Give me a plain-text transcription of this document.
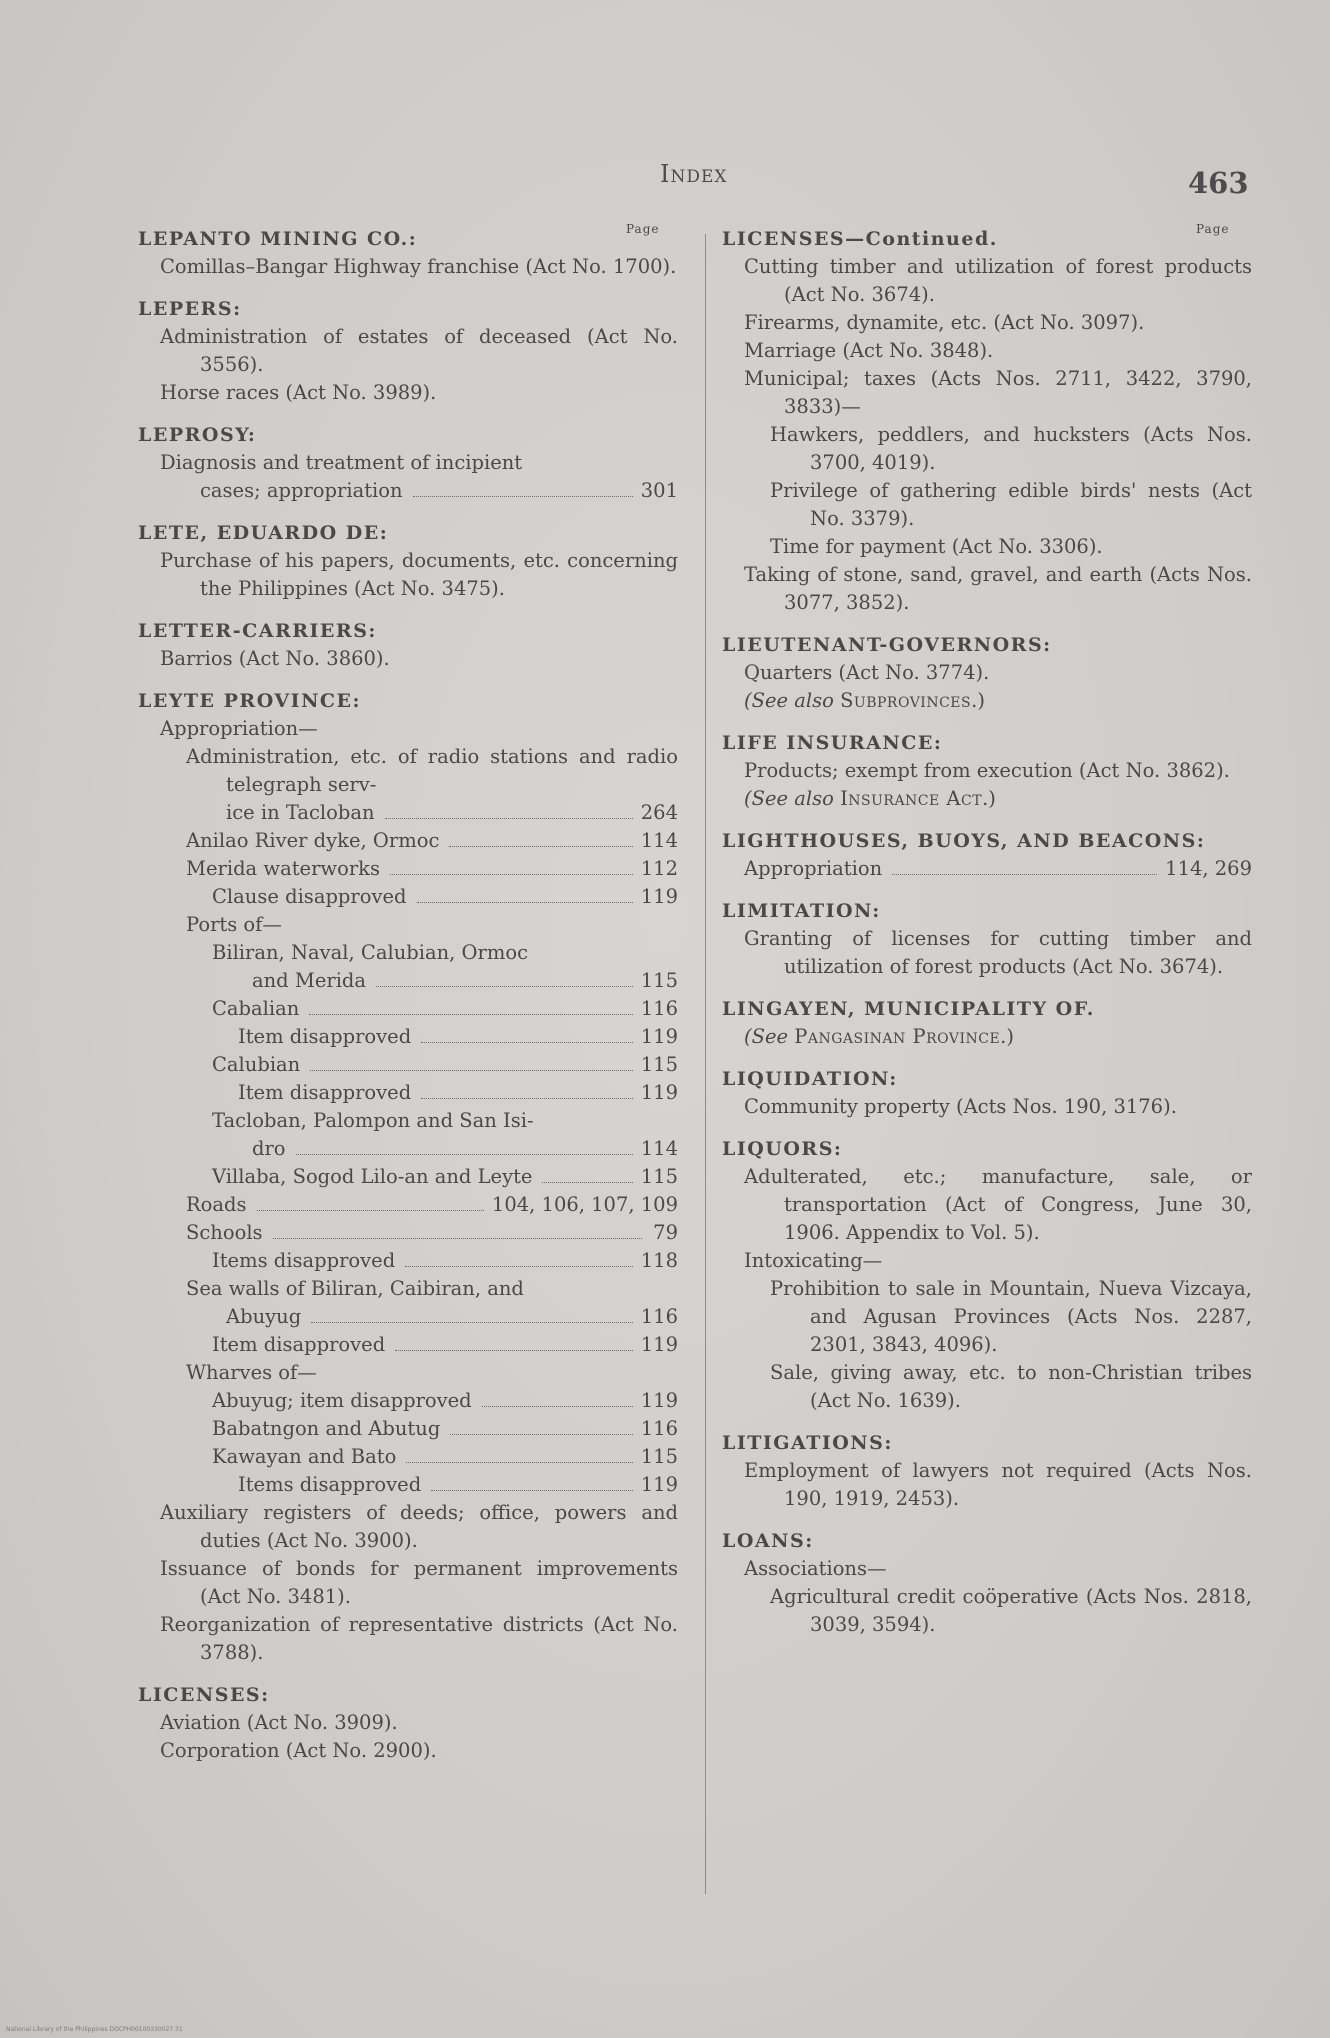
Index	463
Page
LEPANTO MINING CO.:
Comillas–Bangar Highway franchise (Act No. 1700).
LEPERS:
Administration of estates of deceased (Act No. 3556).
Horse races (Act No. 3989).
LEPROSY:
Diagnosis and treatment of incipient
cases; appropriation	301
LETE, EDUARDO DE:
Purchase of his papers, documents, etc. concerning the Philippines (Act No. 3475).
LETTER-CARRIERS:
Barrios (Act No. 3860).
LEYTE PROVINCE:
Appropriation—
Administration, etc. of radio stations and radio telegraph serv-
ice in Tacloban	264
Anilao River dyke, Ormoc	114
Merida waterworks	112
Clause disapproved	119
Ports of—
Biliran, Naval, Calubian, Ormoc
and Merida	115
Cabalian	116
Item disapproved	119
Calubian	115
Item disapproved	119
Tacloban, Palompon and San Isi-
dro	114
Villaba, Sogod Lilo-an and Leyte	115
Roads	104, 106, 107, 109
Schools	79
Items disapproved	118
Sea walls of Biliran, Caibiran, and
Abuyug	116
Item disapproved	119
Wharves of—
Abuyug; item disapproved	119
Babatngon and Abutug	116
Kawayan and Bato	115
Items disapproved	119
Auxiliary registers of deeds; office, powers and duties (Act No. 3900).
Issuance of bonds for permanent improvements (Act No. 3481).
Reorganization of representative districts (Act No. 3788).
LICENSES:
Aviation (Act No. 3909).
Corporation (Act No. 2900).
Page
LICENSES—Continued.
Cutting timber and utilization of forest products (Act No. 3674).
Firearms, dynamite, etc. (Act No. 3097).
Marriage (Act No. 3848).
Municipal; taxes (Acts Nos. 2711, 3422, 3790, 3833)—
Hawkers, peddlers, and hucksters (Acts Nos. 3700, 4019).
Privilege of gathering edible birds' nests (Act No. 3379).
Time for payment (Act No. 3306).
Taking of stone, sand, gravel, and earth (Acts Nos. 3077, 3852).
LIEUTENANT-GOVERNORS:
Quarters (Act No. 3774).
(See also Subprovinces.)
LIFE INSURANCE:
Products; exempt from execution (Act No. 3862).
(See also Insurance Act.)
LIGHTHOUSES, BUOYS, AND BEACONS:
Appropriation	114, 269
LIMITATION:
Granting of licenses for cutting timber and utilization of forest products (Act No. 3674).
LINGAYEN, MUNICIPALITY OF.
(See Pangasinan Province.)
LIQUIDATION:
Community property (Acts Nos. 190, 3176).
LIQUORS:
Adulterated, etc.; manufacture, sale, or transportation (Act of Congress, June 30, 1906. Appendix to Vol. 5).
Intoxicating—
Prohibition to sale in Mountain, Nueva Vizcaya, and Agusan Provinces (Acts Nos. 2287, 2301, 3843, 4096).
Sale, giving away, etc. to non-Christian tribes (Act No. 1639).
LITIGATIONS:
Employment of lawyers not required (Acts Nos. 190, 1919, 2453).
LOANS:
Associations—
Agricultural credit coöperative (Acts Nos. 2818, 3039, 3594).
National Library of the Philippines DOCPH00100330027 31
